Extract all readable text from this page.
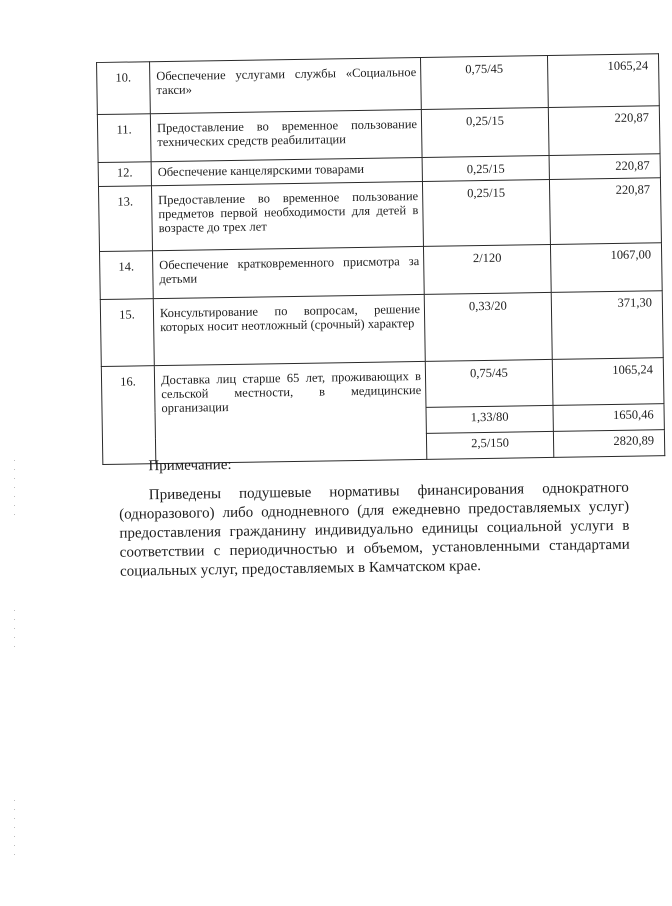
10.	Обеспечение услугами службы «Социальное такси»	0,75/45	1065,24
11.	Предоставление во временное пользование технических средств реабилитации	0,25/15	220,87
12.	Обеспечение канцелярскими товарами	0,25/15	220,87
13.	Предоставление во временное пользование предметов первой необходимости для детей в возрасте до трех лет	0,25/15	220,87
14.	Обеспечение кратковременного присмотра за детьми	2/120	1067,00
15.	Консультирование по вопросам, решение которых носит неотложный (срочный) характер	0,33/20	371,30
16.	Доставка лиц старше 65 лет, проживающих в сельской местности, в медицинские организации	0,75/45	1065,24
		1,33/80	1650,46
		2,5/150	2820,89

Примечание:

Приведены подушевые нормативы финансирования однократного (одноразового) либо однодневного (для ежедневно предоставляемых услуг) предоставления гражданину индивидуально единицы социальной услуги в соответствии с периодичностью и объемом, установленными стандартами социальных услуг, предоставляемых в Камчатском крае.
